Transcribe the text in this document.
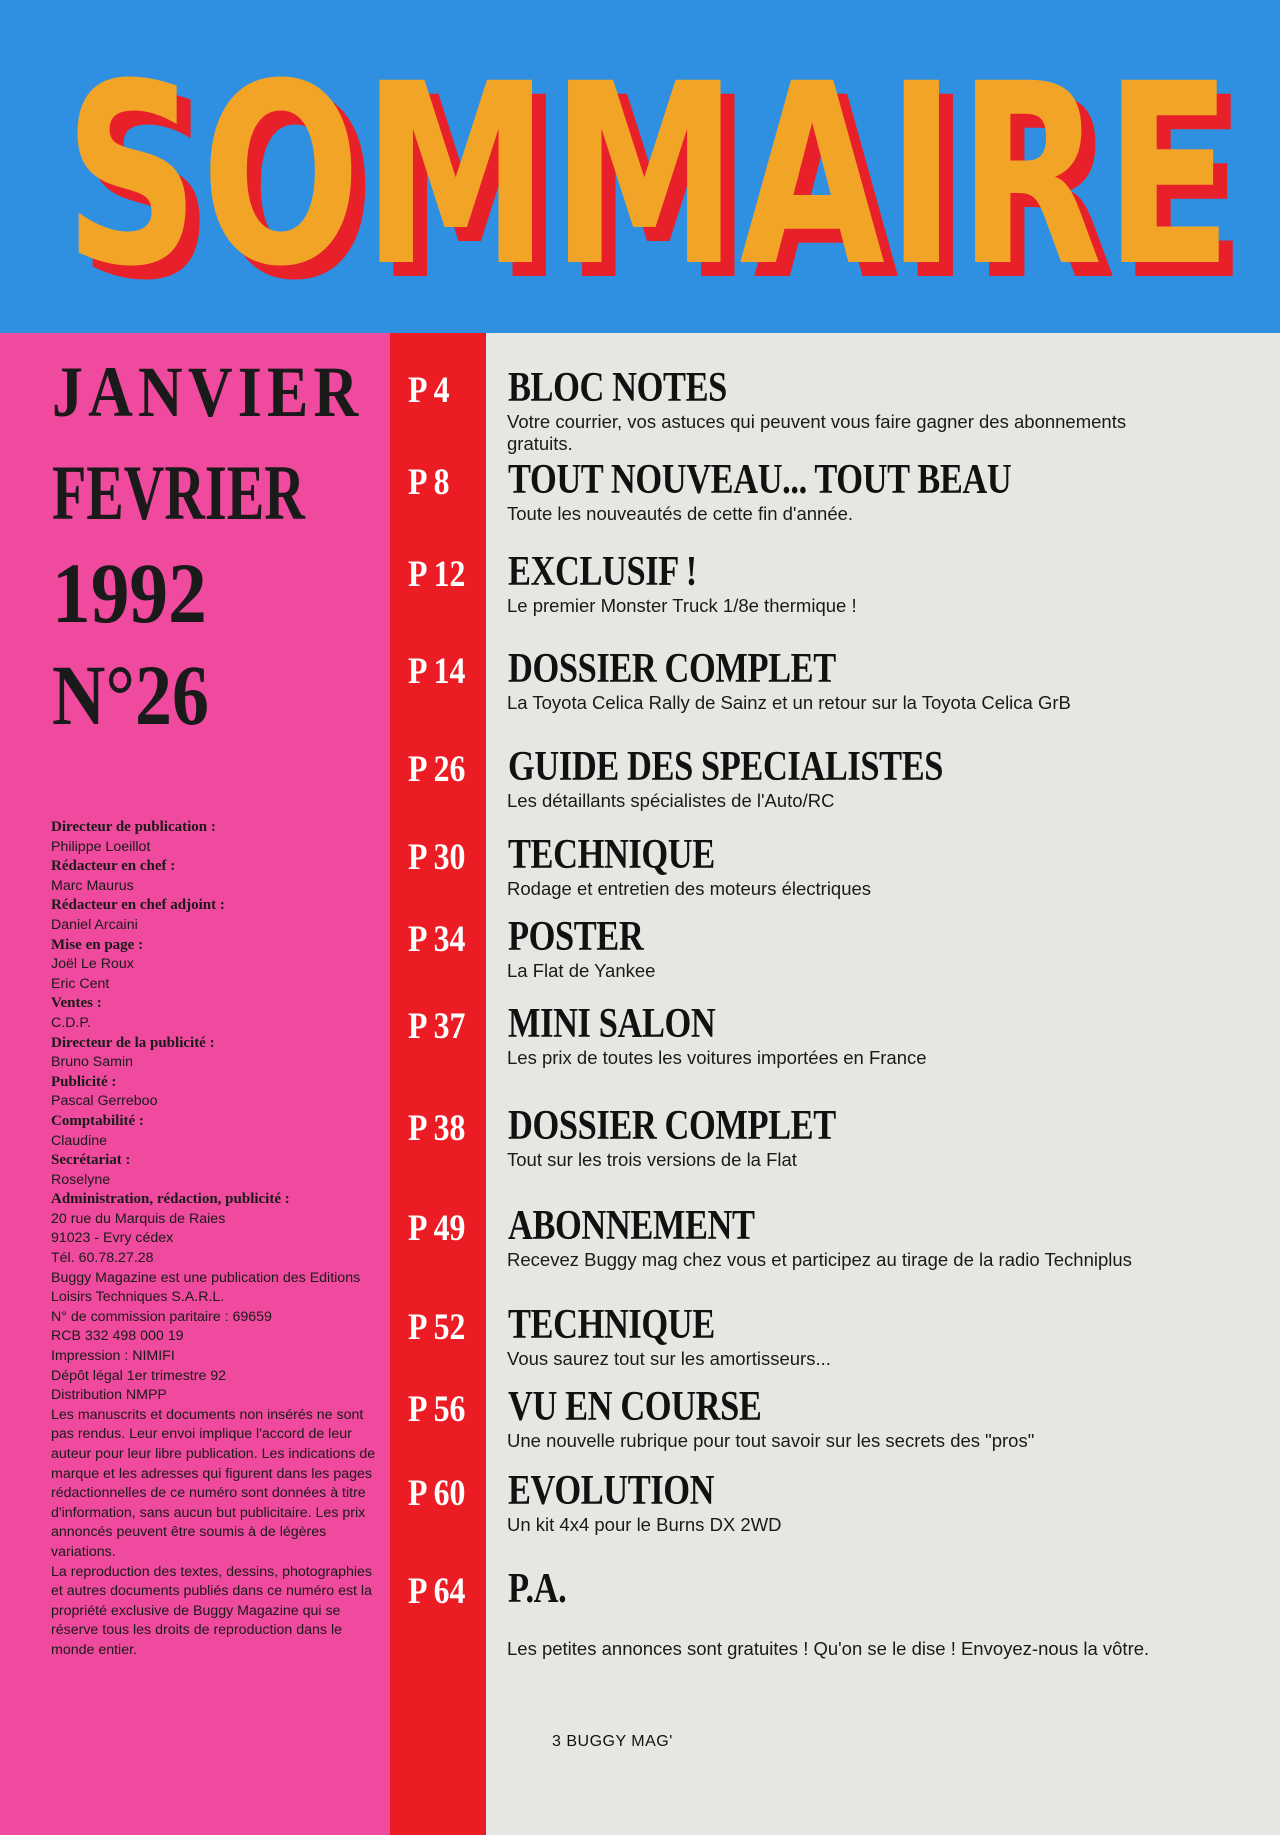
SOMMAIRE
SOMMAIRE
JANVIER
FEVRIER
1992
N°26
Directeur de publication :
Philippe Loeillot
Rédacteur en chef :
Marc Maurus
Rédacteur en chef adjoint :
Daniel Arcaini
Mise en page :
Joël Le Roux
Eric Cent
Ventes :
C.D.P.
Directeur de la publicité :
Bruno Samin
Publicité :
Pascal Gerreboo
Comptabilité :
Claudine
Secrétariat :
Roselyne
Administration, rédaction, publicité :
20 rue du Marquis de Raies
91023 - Evry cédex
Tél. 60.78.27.28
Buggy Magazine est une publication des Editions Loisirs Techniques S.A.R.L.
N° de commission paritaire : 69659
RCB 332 498 000 19
Impression : NIMIFI
Dépôt légal 1er trimestre 92
Distribution NMPP
Les manuscrits et documents non insérés ne sont pas rendus. Leur envoi implique l'accord de leur auteur pour leur libre publication. Les indications de marque et les adresses qui figurent dans les pages rédactionnelles de ce numéro sont données à titre d'information, sans aucun but publicitaire. Les prix annoncés peuvent être soumis à de légères variations.
La reproduction des textes, dessins, photographies et autres documents publiés dans ce numéro est la propriété exclusive de Buggy Magazine qui se réserve tous les droits de reproduction dans le monde entier.
P 4 BLOC NOTES
Votre courrier, vos astuces qui peuvent vous faire gagner des abonnements gratuits.
P 8 TOUT NOUVEAU... TOUT BEAU
Toute les nouveautés de cette fin d'année.
P 12 EXCLUSIF !
Le premier Monster Truck 1/8e thermique !
P 14 DOSSIER COMPLET
La Toyota Celica Rally de Sainz et un retour sur la Toyota Celica GrB
P 26 GUIDE DES SPECIALISTES
Les détaillants spécialistes de l'Auto/RC
P 30 TECHNIQUE
Rodage et entretien des moteurs électriques
P 34 POSTER
La Flat de Yankee
P 37 MINI SALON
Les prix de toutes les voitures importées en France
P 38 DOSSIER COMPLET
Tout sur les trois versions de la Flat
P 49 ABONNEMENT
Recevez Buggy mag chez vous et participez au tirage de la radio Techniplus
P 52 TECHNIQUE
Vous saurez tout sur les amortisseurs...
P 56 VU EN COURSE
Une nouvelle rubrique pour tout savoir sur les secrets des "pros"
P 60 EVOLUTION
Un kit 4x4 pour le Burns DX 2WD
P 64 P.A.
Les petites annonces sont gratuites ! Qu'on se le dise ! Envoyez-nous la vôtre.
3 BUGGY MAG'
